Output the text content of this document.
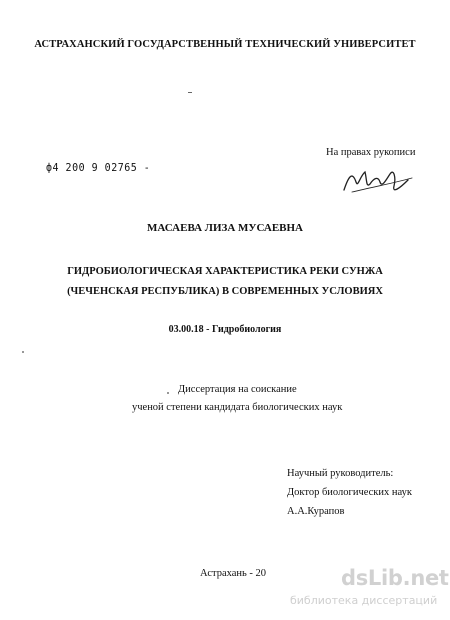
АСТРАХАНСКИЙ ГОСУДАРСТВЕННЫЙ ТЕХНИЧЕСКИЙ УНИВЕРСИТЕТ
На правах рукописи
ф4 200 9 02765 -
МАСАЕВА ЛИЗА МУСАЕВНА
ГИДРОБИОЛОГИЧЕСКАЯ ХАРАКТЕРИСТИКА РЕКИ СУНЖА
(ЧЕЧЕНСКАЯ РЕСПУБЛИКА) В СОВРЕМЕННЫХ УСЛОВИЯХ
03.00.18 - Гидробиология
Диссертация на соискание
ученой степени кандидата биологических наук
Научный руководитель:
Доктор биологических наук
А.А.Курапов
Астрахань - 20	dsLib.net
библиотека диссертаций
